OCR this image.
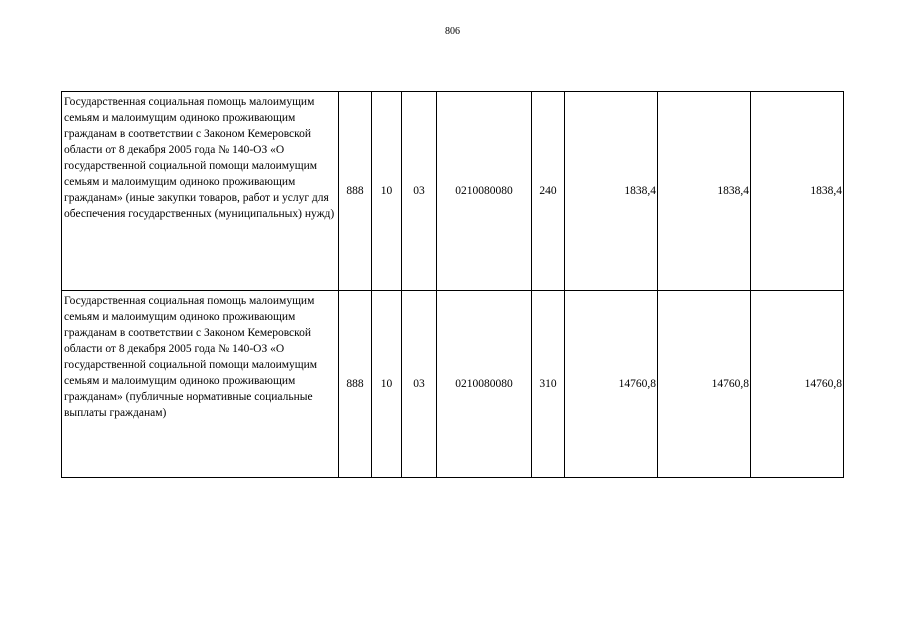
806
Государственная социальная помощь малоимущим семьям и малоимущим одиноко проживающим гражданам в соответствии с Законом Кемеровской области от 8 декабря 2005 года № 140-ОЗ «О государственной социальной помощи малоимущим семьям и малоимущим одиноко проживающим гражданам» (иные закупки товаров, работ и услуг для обеспечения государственных (муниципальных) нужд)	888	10	03	0210080080	240	1838,4	1838,4	1838,4
Государственная социальная помощь малоимущим семьям и малоимущим одиноко проживающим гражданам в соответствии с Законом Кемеровской области от 8 декабря 2005 года № 140-ОЗ «О государственной социальной помощи малоимущим семьям и малоимущим одиноко проживающим гражданам» (публичные нормативные социальные выплаты гражданам)	888	10	03	0210080080	310	14760,8	14760,8	14760,8
